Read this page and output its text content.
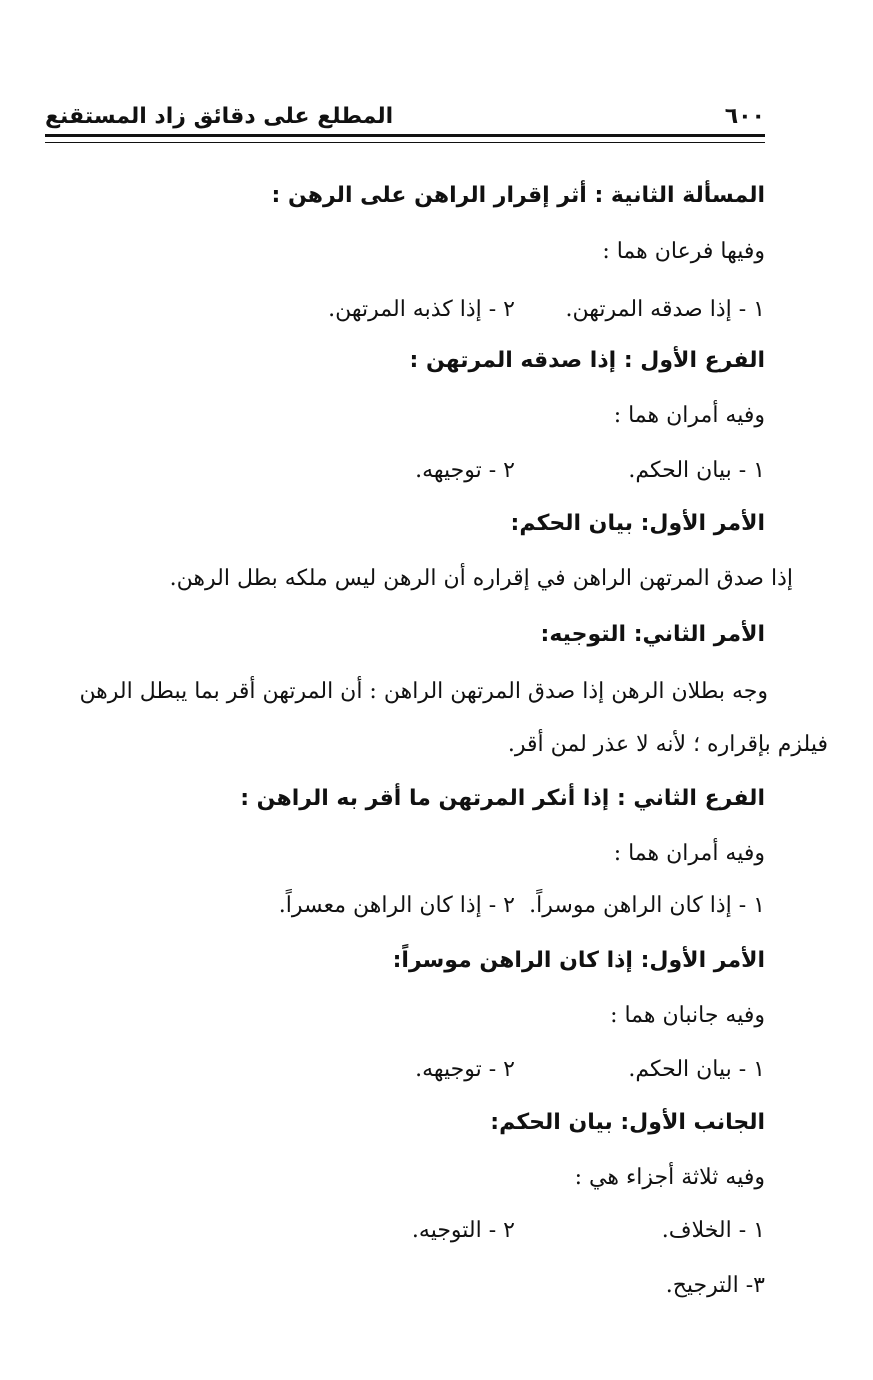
٦٠٠
المطلع على دقائق زاد المستقنع
المسألة الثانية : أثر إقرار الراهن على الرهن :
وفيها فرعان هما :
١ - إذا صدقه المرتهن.
٢ - إذا كذبه المرتهن.
الفرع الأول : إذا صدقه المرتهن :
وفيه أمران هما :
١ - بيان الحكم.
٢ - توجيهه.
الأمر الأول: بيان الحكم:
إذا صدق المرتهن الراهن في إقراره أن الرهن ليس ملكه بطل الرهن.
الأمر الثاني: التوجيه:
وجه بطلان الرهن إذا صدق المرتهن الراهن : أن المرتهن أقر بما يبطل الرهن
فيلزم بإقراره ؛ لأنه لا عذر لمن أقر.
الفرع الثاني : إذا أنكر المرتهن ما أقر به الراهن :
وفيه أمران هما :
١ - إذا كان الراهن موسراً.
٢ - إذا كان الراهن معسراً.
الأمر الأول: إذا كان الراهن موسراً:
وفيه جانبان هما :
١ - بيان الحكم.
٢ - توجيهه.
الجانب الأول: بيان الحكم:
وفيه ثلاثة أجزاء هي :
١ - الخلاف.
٢ - التوجيه.
٣- الترجيح.
